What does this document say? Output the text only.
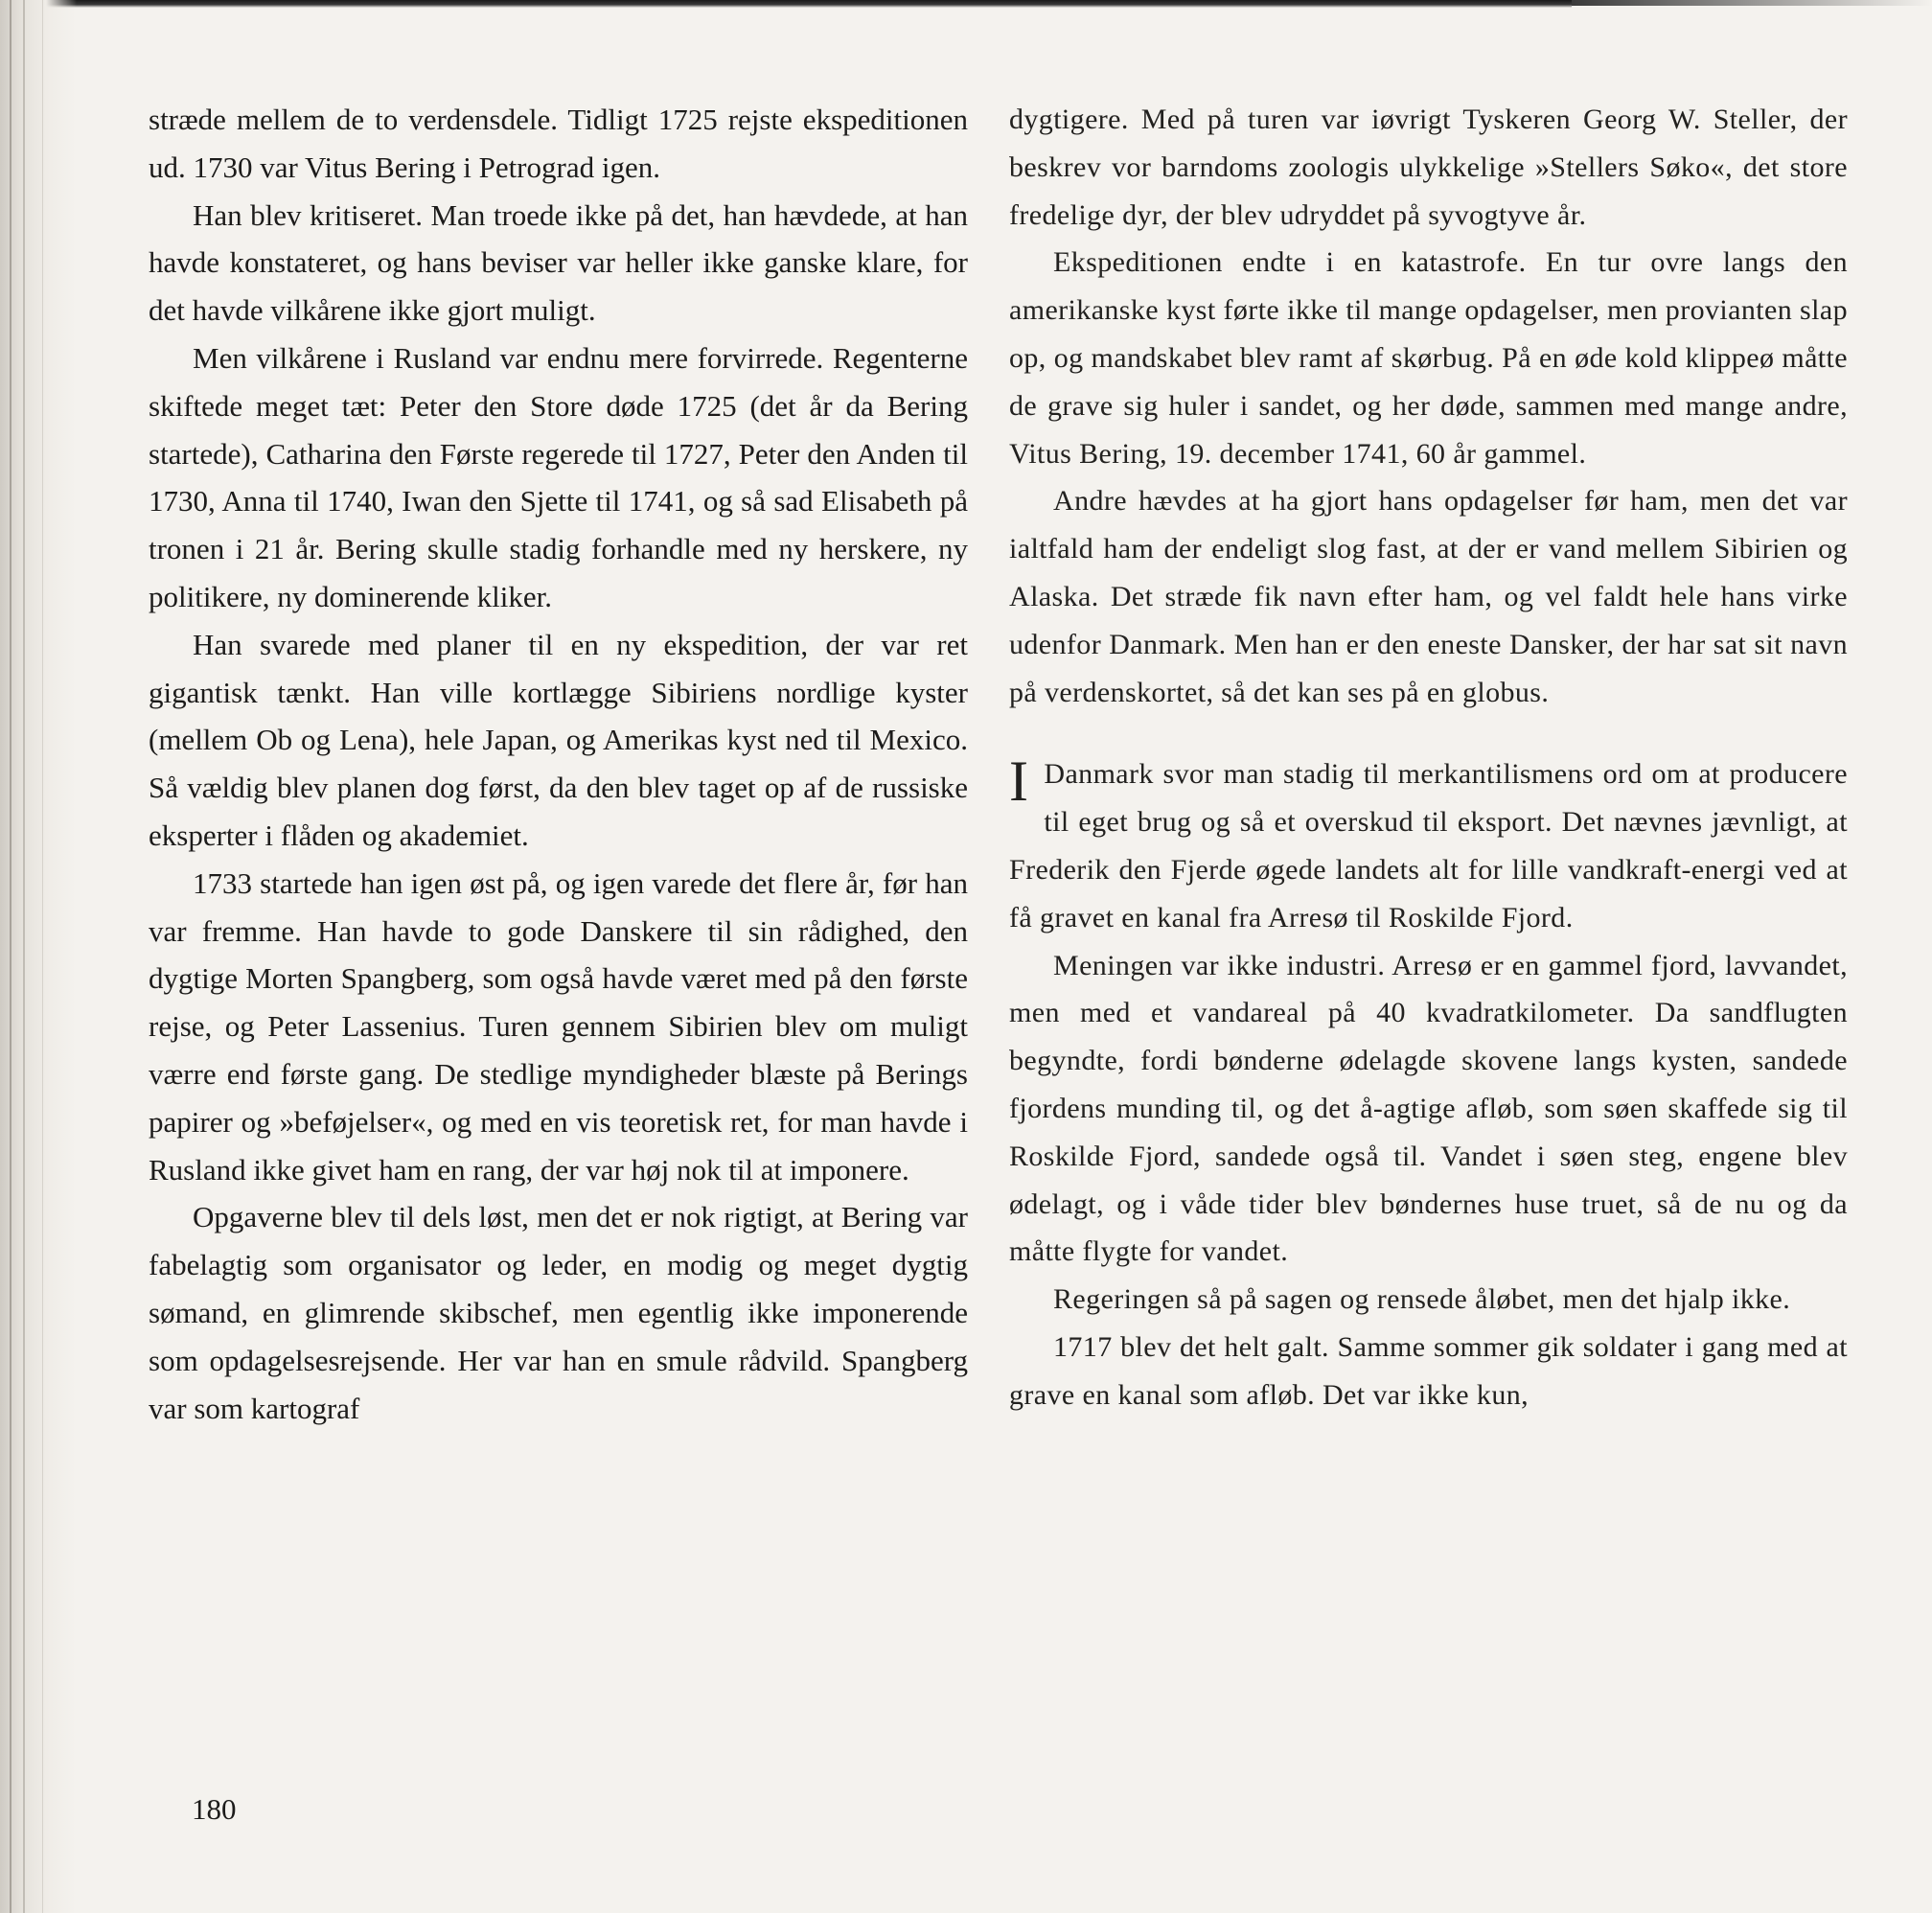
stræde mellem de to verdensdele. Tidligt 1725 rejste ekspeditionen ud. 1730 var Vitus Bering i Petrograd igen.

Han blev kritiseret. Man troede ikke på det, han hævdede, at han havde konstateret, og hans beviser var heller ikke ganske klare, for det havde vilkårene ikke gjort muligt.

Men vilkårene i Rusland var endnu mere forvirrede. Regenterne skiftede meget tæt: Peter den Store døde 1725 (det år da Bering startede), Catharina den Første regerede til 1727, Peter den Anden til 1730, Anna til 1740, Iwan den Sjette til 1741, og så sad Elisabeth på tronen i 21 år. Bering skulle stadig forhandle med ny herskere, ny politikere, ny dominerende kliker.

Han svarede med planer til en ny ekspedition, der var ret gigantisk tænkt. Han ville kortlægge Sibiriens nordlige kyster (mellem Ob og Lena), hele Japan, og Amerikas kyst ned til Mexico. Så vældig blev planen dog først, da den blev taget op af de russiske eksperter i flåden og akademiet.

1733 startede han igen øst på, og igen varede det flere år, før han var fremme. Han havde to gode Danskere til sin rådighed, den dygtige Morten Spangberg, som også havde været med på den første rejse, og Peter Lassenius. Turen gennem Sibirien blev om muligt værre end første gang. De stedlige myndigheder blæste på Berings papirer og »beføjelser«, og med en vis teoretisk ret, for man havde i Rusland ikke givet ham en rang, der var høj nok til at imponere.

Opgaverne blev til dels løst, men det er nok rigtigt, at Bering var fabelagtig som organisator og leder, en modig og meget dygtig sømand, en glimrende skibschef, men egentlig ikke imponerende som opdagelsesrejsende. Her var han en smule rådvild. Spangberg var som kartograf

dygtigere. Med på turen var iøvrigt Tyskeren Georg W. Steller, der beskrev vor barndoms zoologis ulykkelige »Stellers Søko«, det store fredelige dyr, der blev udryddet på syvogtyve år.

Ekspeditionen endte i en katastrofe. En tur ovre langs den amerikanske kyst førte ikke til mange opdagelser, men provianten slap op, og mandskabet blev ramt af skørbug. På en øde kold klippeø måtte de grave sig huler i sandet, og her døde, sammen med mange andre, Vitus Bering, 19. december 1741, 60 år gammel.

Andre hævdes at ha gjort hans opdagelser før ham, men det var ialtfald ham der endeligt slog fast, at der er vand mellem Sibirien og Alaska. Det stræde fik navn efter ham, og vel faldt hele hans virke udenfor Danmark. Men han er den eneste Dansker, der har sat sit navn på verdenskortet, så det kan ses på en globus.

I Danmark svor man stadig til merkantilismens ord om at producere til eget brug og så et overskud til eksport. Det nævnes jævnligt, at Frederik den Fjerde øgede landets alt for lille vandkraft-energi ved at få gravet en kanal fra Arresø til Roskilde Fjord.

Meningen var ikke industri. Arresø er en gammel fjord, lavvandet, men med et vandareal på 40 kvadratkilometer. Da sandflugten begyndte, fordi bønderne ødelagde skovene langs kysten, sandede fjordens munding til, og det å-agtige afløb, som søen skaffede sig til Roskilde Fjord, sandede også til. Vandet i søen steg, engene blev ødelagt, og i våde tider blev bøndernes huse truet, så de nu og da måtte flygte for vandet.

Regeringen så på sagen og rensede åløbet, men det hjalp ikke.

1717 blev det helt galt. Samme sommer gik soldater i gang med at grave en kanal som afløb. Det var ikke kun,

180
